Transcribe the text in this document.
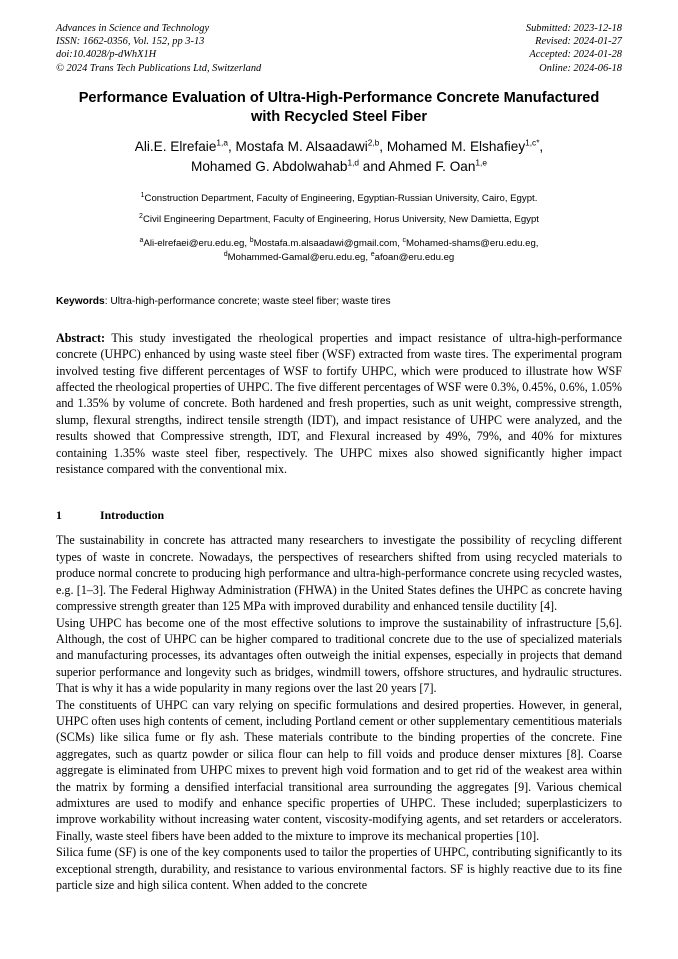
Advances in Science and Technology
ISSN: 1662-0356, Vol. 152, pp 3-13
doi:10.4028/p-dWhX1H
© 2024 Trans Tech Publications Ltd, Switzerland
Submitted: 2023-12-18
Revised: 2024-01-27
Accepted: 2024-01-28
Online: 2024-06-18
Performance Evaluation of Ultra-High-Performance Concrete Manufactured with Recycled Steel Fiber
Ali.E. Elrefaie$^{1,a}$, Mostafa M. Alsaadawi$^{2,b}$, Mohamed M. Elshafiey$^{1,c*}$,
Mohamed G. Abdolwahab$^{1,d}$ and Ahmed F. Oan$^{1,e}$
$^1$Construction Department, Faculty of Engineering, Egyptian-Russian University, Cairo, Egypt.
$^2$Civil Engineering Department, Faculty of Engineering, Horus University, New Damietta, Egypt
$^a$Ali-elrefaei@eru.edu.eg, $^b$Mostafa.m.alsaadawi@gmail.com, $^c$Mohamed-shams@eru.edu.eg,
$^d$Mohammed-Gamal@eru.edu.eg, $^e$afoan@eru.edu.eg
Keywords: Ultra-high-performance concrete; waste steel fiber; waste tires
Abstract: This study investigated the rheological properties and impact resistance of ultra-high-performance concrete (UHPC) enhanced by using waste steel fiber (WSF) extracted from waste tires. The experimental program involved testing five different percentages of WSF to fortify UHPC, which were produced to illustrate how WSF affected the rheological properties of UHPC. The five different percentages of WSF were 0.3%, 0.45%, 0.6%, 1.05% and 1.35% by volume of concrete. Both hardened and fresh properties, such as unit weight, compressive strength, slump, flexural strengths, indirect tensile strength (IDT), and impact resistance of UHPC were analyzed, and the results showed that Compressive strength, IDT, and Flexural increased by 49%, 79%, and 40% for mixtures containing 1.35% waste steel fiber, respectively. The UHPC mixes also showed significantly higher impact resistance compared with the conventional mix.
1	Introduction

The sustainability in concrete has attracted many researchers to investigate the possibility of recycling different types of waste in concrete. Nowadays, the perspectives of researchers shifted from using recycled materials to produce normal concrete to producing high performance and ultra-high-performance concrete using recycled wastes, e.g. [1–3]. The Federal Highway Administration (FHWA) in the United States defines the UHPC as concrete having compressive strength greater than 125 MPa with improved durability and enhanced tensile ductility [4].

Using UHPC has become one of the most effective solutions to improve the sustainability of infrastructure [5,6]. Although, the cost of UHPC can be higher compared to traditional concrete due to the use of specialized materials and manufacturing processes, its advantages often outweigh the initial expenses, especially in projects that demand superior performance and longevity such as bridges, windmill towers, offshore structures, and hydraulic structures. That is why it has a wide popularity in many regions over the last 20 years [7].

The constituents of UHPC can vary relying on specific formulations and desired properties. However, in general, UHPC often uses high contents of cement, including Portland cement or other supplementary cementitious materials (SCMs) like silica fume or fly ash. These materials contribute to the binding properties of the concrete. Fine aggregates, such as quartz powder or silica flour can help to fill voids and produce denser mixtures [8]. Coarse aggregate is eliminated from UHPC mixes to prevent high void formation and to get rid of the weakest area within the matrix by forming a densified interfacial transitional area surrounding the aggregates [9]. Various chemical admixtures are used to modify and enhance specific properties of UHPC. These included; superplasticizers to improve workability without increasing water content, viscosity-modifying agents, and set retarders or accelerators. Finally, waste steel fibers have been added to the mixture to improve its mechanical properties [10].

Silica fume (SF) is one of the key components used to tailor the properties of UHPC, contributing significantly to its exceptional strength, durability, and resistance to various environmental factors. SF is highly reactive due to its fine particle size and high silica content. When added to the concrete
